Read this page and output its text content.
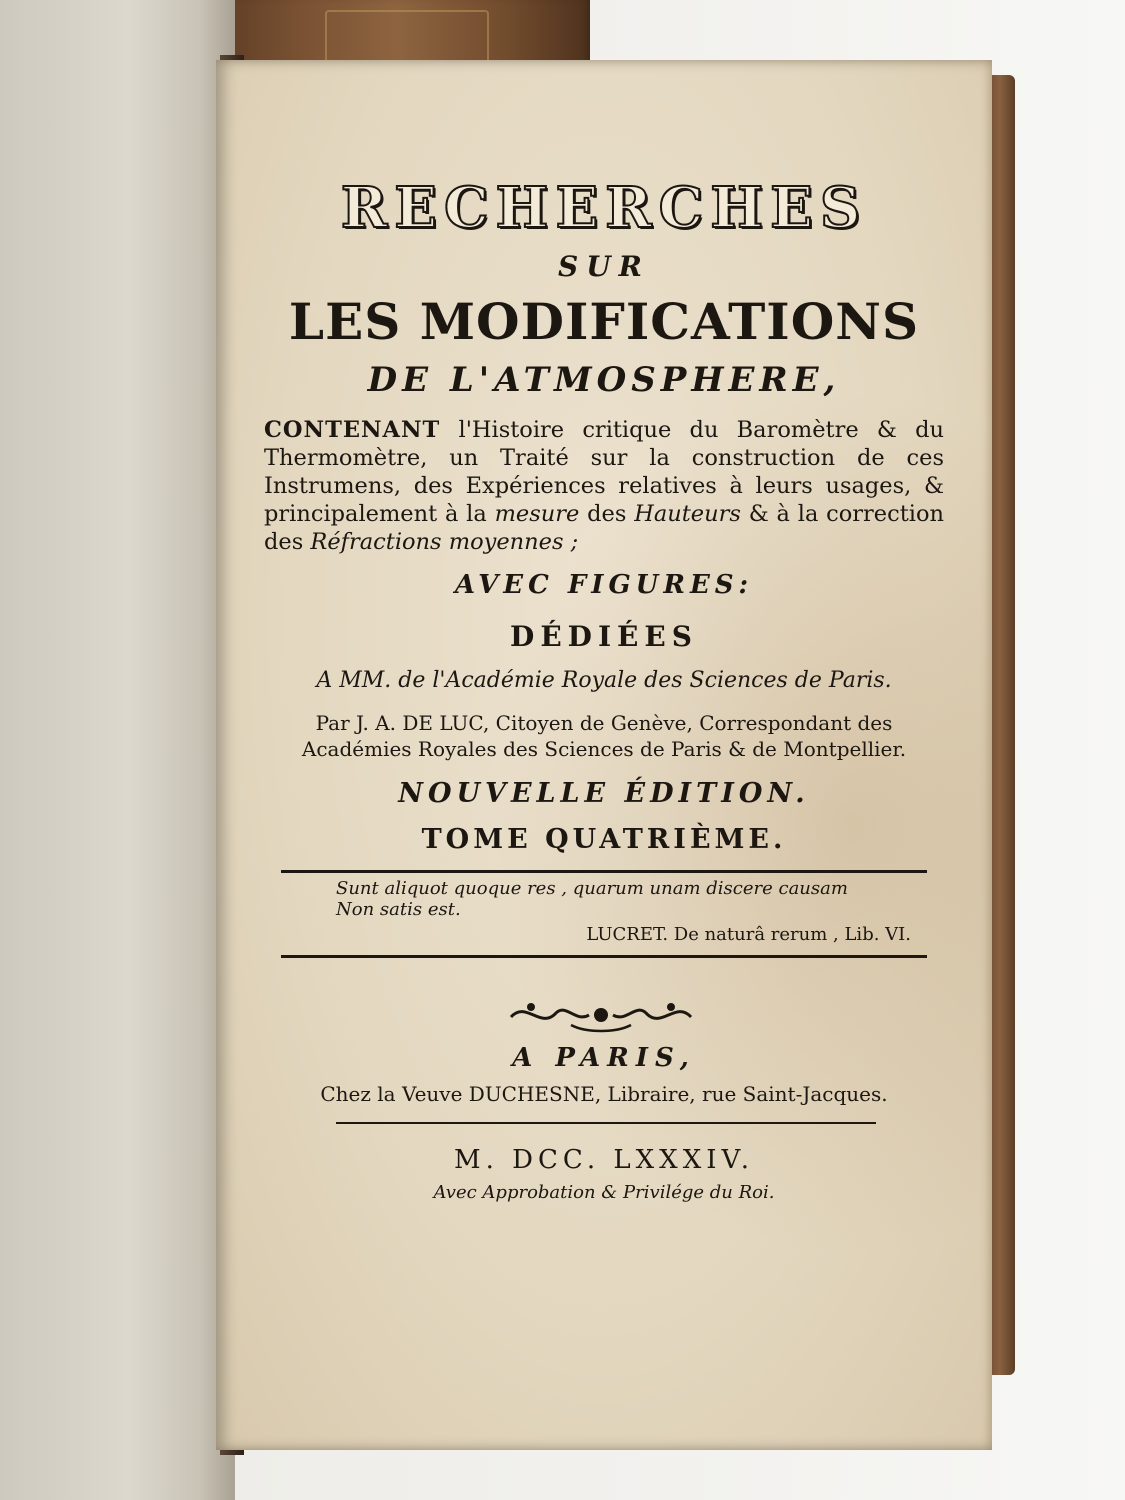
RECHERCHES
SUR
LES MODIFICATIONS
DE L'ATMOSPHERE,
CONTENANT l'Histoire critique du Baromètre & du Thermomètre, un Traité sur la construction de ces Instrumens, des Expériences relatives à leurs usages, & principalement à la mesure des Hauteurs & à la correction des Réfractions moyennes ;
AVEC FIGURES:
DÉDIÉES
A MM. de l'Académie Royale des Sciences de Paris.
Par J. A. DE LUC, Citoyen de Genève, Correspondant des
Académies Royales des Sciences de Paris & de Montpellier.
NOUVELLE ÉDITION.
TOME QUATRIÈME.
Sunt aliquot quoque res , quarum unam discere causam
Non satis est.
LUCRET. De naturâ rerum , Lib. VI.
A PARIS,
Chez la Veuve DUCHESNE, Libraire, rue Saint-Jacques.
M. DCC. LXXXIV.
Avec Approbation & Privilége du Roi.
